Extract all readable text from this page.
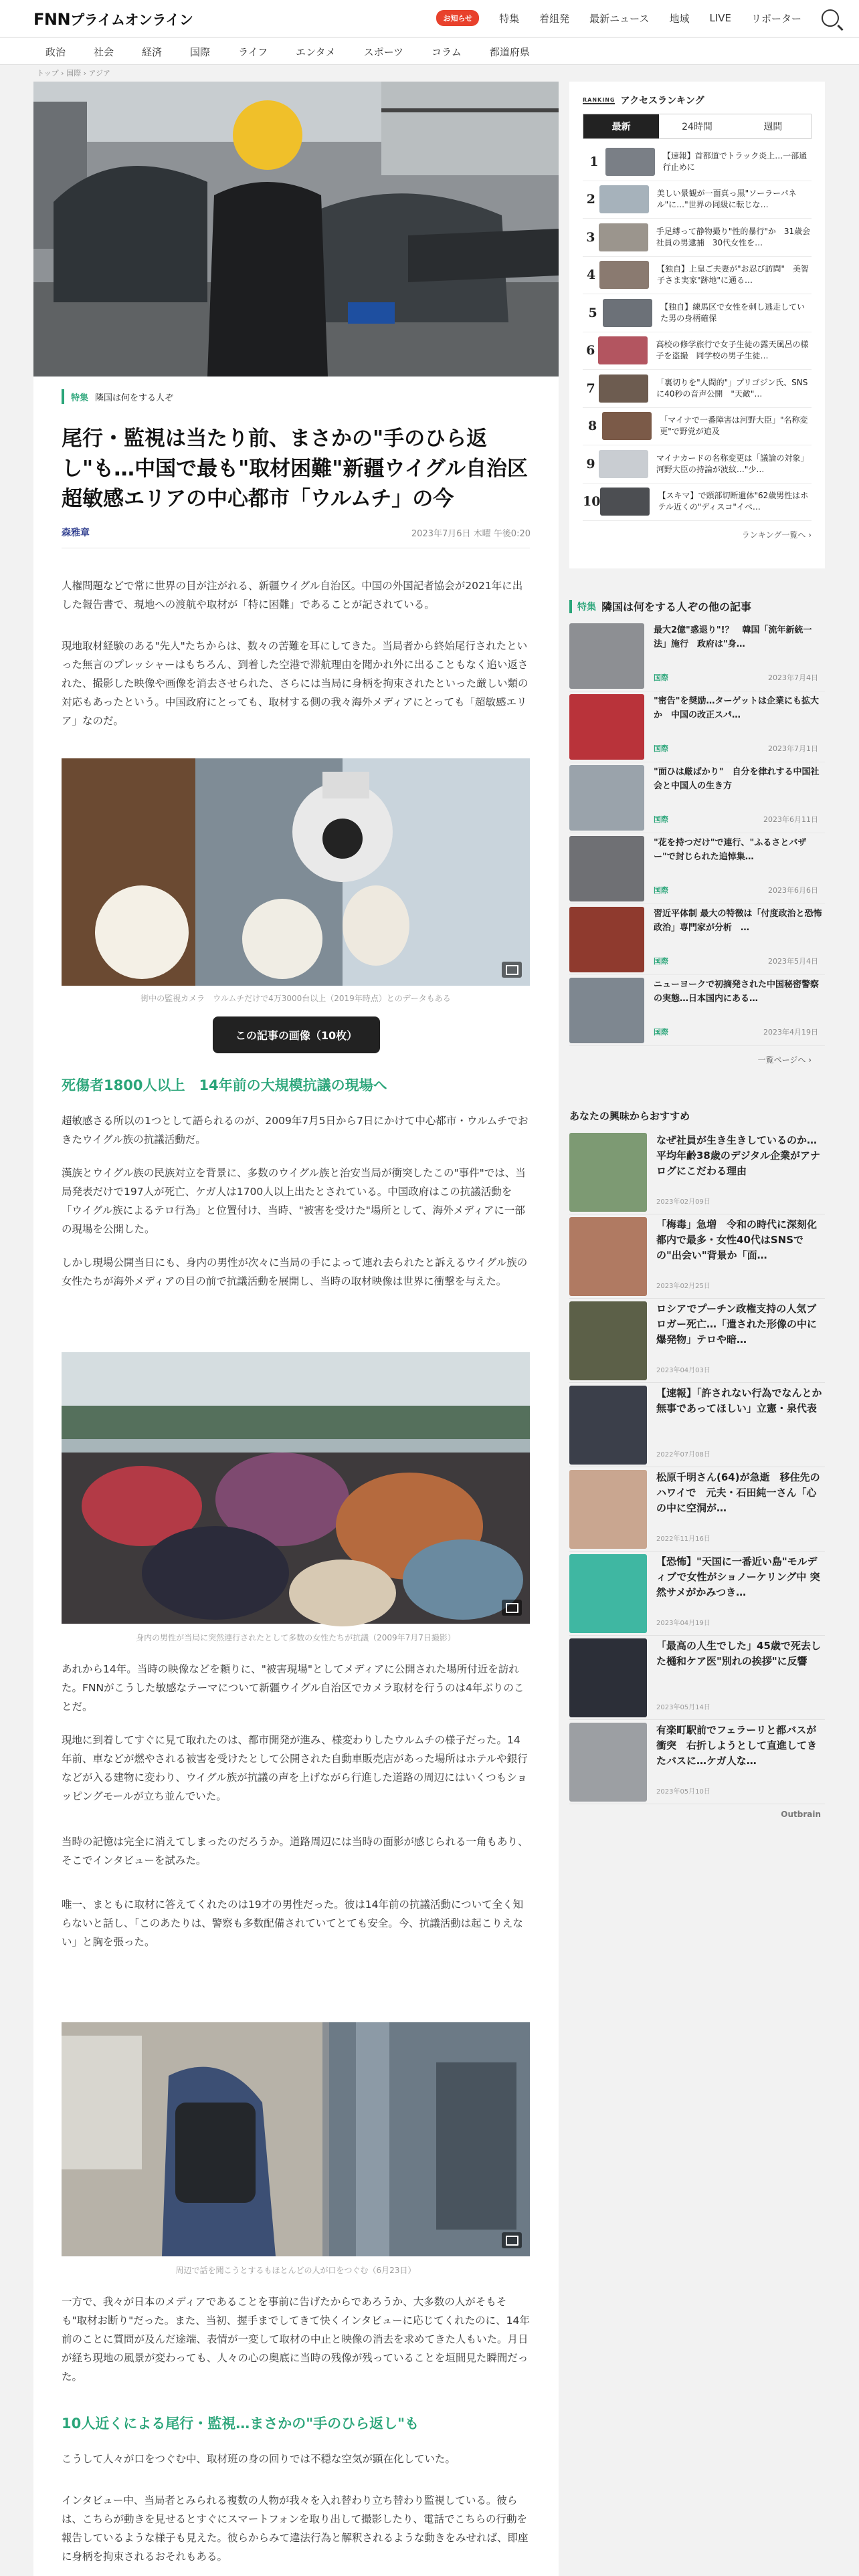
FNNプライムオンライン	お知らせ	特集 着組発 最新ニュース 地域 LIVE リポーター
政治	社会	経済	国際	ライフ	エンタメ	スポーツ	コラム	都道府県
トップ › 国際 › アジア
特集 隣国は何をする人ぞ
尾行・監視は当たり前、まさかの"手のひら返し"も…中国で最も"取材困難"新疆ウイグル自治区　超敏感エリアの中心都市「ウルムチ」の今
森雅章	2023年7月6日 木曜 午後0:20

人権問題などで常に世界の目が注がれる、新疆ウイグル自治区。中国の外国記者協会が2021年に出した報告書で、現地への渡航や取材が「特に困難」であることが記されている。

現地取材経験のある"先人"たちからは、数々の苦難を耳にしてきた。当局者から終始尾行されたといった無言のプレッシャーはもちろん、到着した空港で滞航理由を聞かれ外に出ることもなく追い返された、撮影した映像や画像を消去させられた、さらには当局に身柄を拘束されたといった厳しい類の対応もあったという。中国政府にとっても、取材する側の我々海外メディアにとっても「超敏感エリア」なのだ。

街中の監視カメラ　ウルムチだけで4万3000台以上（2019年時点）とのデータもある
この記事の画像（10枚）
死傷者1800人以上　14年前の大規模抗議の現場へ

超敏感さる所以の1つとして語られるのが、2009年7月5日から7日にかけて中心都市・ウルムチでおきたウイグル族の抗議活動だ。

漢族とウイグル族の民族対立を背景に、多数のウイグル族と治安当局が衝突したこの"事件"では、当局発表だけで197人が死亡、ケガ人は1700人以上出たとされている。中国政府はこの抗議活動を「ウイグル族によるテロ行為」と位置付け、当時、"被害を受けた"場所として、海外メディアに一部の現場を公開した。

しかし現場公開当日にも、身内の男性が次々に当局の手によって連れ去られたと訴えるウイグル族の女性たちが海外メディアの目の前で抗議活動を展開し、当時の取材映像は世界に衝撃を与えた。

身内の男性が当局に突然連行されたとして多数の女性たちが抗議（2009年7月7日撮影）

あれから14年。当時の映像などを頼りに、"被害現場"としてメディアに公開された場所付近を訪れた。FNNがこうした敏感なテーマについて新疆ウイグル自治区でカメラ取材を行うのは4年ぶりのことだ。

現地に到着してすぐに見て取れたのは、都市開発が進み、様変わりしたウルムチの様子だった。14年前、車などが燃やされる被害を受けたとして公開された自動車販売店があった場所はホテルや銀行などが入る建物に変わり、ウイグル族が抗議の声を上げながら行進した道路の周辺にはいくつもショッピングモールが立ち並んでいた。

当時の記憶は完全に消えてしまったのだろうか。道路周辺には当時の面影が感じられる一角もあり、そこでインタビューを試みた。

唯一、まともに取材に答えてくれたのは19才の男性だった。彼は14年前の抗議活動について全く知らないと話し、「このあたりは、警察も多数配備されていてとても安全。今、抗議活動は起こりえない」と胸を張った。

周辺で話を聞こうとするもほとんどの人が口をつぐむ（6月23日）

一方で、我々が日本のメディアであることを事前に告げたからであろうか、大多数の人がそもそも"取材お断り"だった。また、当初、握手までしてきて快くインタビューに応じてくれたのに、14年前のことに質問が及んだ途端、表情が一変して取材の中止と映像の消去を求めてきた人もいた。月日が経ち現地の風景が変わっても、人々の心の奥底に当時の残像が残っていることを垣間見た瞬間だった。

10人近くによる尾行・監視…まさかの"手のひら返し"も

こうして人々が口をつぐむ中、取材班の身の回りでは不穏な空気が顕在化していた。

インタビュー中、当局者とみられる複数の人物が我々を入れ替わり立ち替わり監視している。彼らは、こちらが動きを見せるとすぐにスマートフォンを取り出して撮影したり、電話でこちらの行動を報告しているような様子も見えた。彼らからみて違法行為と解釈されるような動きをみせれば、即座に身柄を拘束されるおそれもある。

RANKING アクセスランキング
最新	24時間	週間
1	【速報】首都道でトラック炎上…一部通行止めに
2	美しい景観が一面真っ黒"ソーラーパネル"に…"世界の同級に転じな…
3	手足縛って静物撮り"性的暴行"か　31歳会社員の男逮捕　30代女性を…
4	【独自】上皇ご夫妻が"お忍び訪問"　美智子さま実家"跡地"に通る…
5	【独自】練馬区で女性を刺し逃走していた男の身柄確保
6	高校の修学旅行で女子生徒の露天風呂の様子を盗撮　同学校の男子生徒…
7	「裏切りを"人間的"」プリゴジン氏、SNSに40秒の音声公開　"天敵"…
8	「マイナで一番障害は河野大臣」"名称変更"で野党が追及
9	マイナカードの名称変更は「議論の対象」河野大臣の持論が波紋…"少…
10	【スキマ】で頭部切断遺体"62歳男性はホテル近くの"ディスコ"イベ…
ランキング一覧へ ›
特集 隣国は何をする人ぞの他の記事
最大2億"惑退り"!？　韓国「流年新統一法」施行　政府は"身…
国際	2023年7月4日
"密告"を奨励…ターゲットは企業にも拡大か　中国の改正スパ…
国際	2023年7月1日
"面ひは厳ばかり"　自分を律れする中国社会と中国人の生き方
国際	2023年6月11日
"花を持つだけ"で連行、"ふるさとバザー"で封じられた追悼集…
国際	2023年6月6日
習近平体制 最大の特徴は「付度政治と恐怖政治」専門家が分析　…
国際	2023年5月4日
ニューヨークで初摘発された中国秘密警察の実態…日本国内にある…
国際	2023年4月19日
一覧ページへ ›
あなたの興味からおすすめ
なぜ社員が生き生きしているのか…平均年齢38歳のデジタル企業がアナログにこだわる理由
2023年02月09日
「梅毒」急増　令和の時代に深刻化　都内で最多・女性40代はSNSでの"出会い"背景か「面…
2023年02月25日
ロシアでプーチン政権支持の人気ブロガー死亡…「遣された形像の中に爆発物」テロや暗…
2023年04月03日
【速報】「許されない行為でなんとか無事であってほしい」立憲・泉代表
2022年07月08日
松原千明さん(64)が急逝　移住先のハワイで　元夫・石田純一さん「心の中に空洞が…
2022年11月16日
【恐怖】"天国に一番近い島"モルディブで女性がショノーケリング中 突然サメがかみつき…
2023年04月19日
「最高の人生でした」45歳で死去した樋和ケア医"別れの挨拶"に反響
2023年05月14日
有楽町駅前でフェラーリと都バスが衝突　右折しようとして直進してきたバスに…ケガ人な…
2023年05月10日
Outbrain
